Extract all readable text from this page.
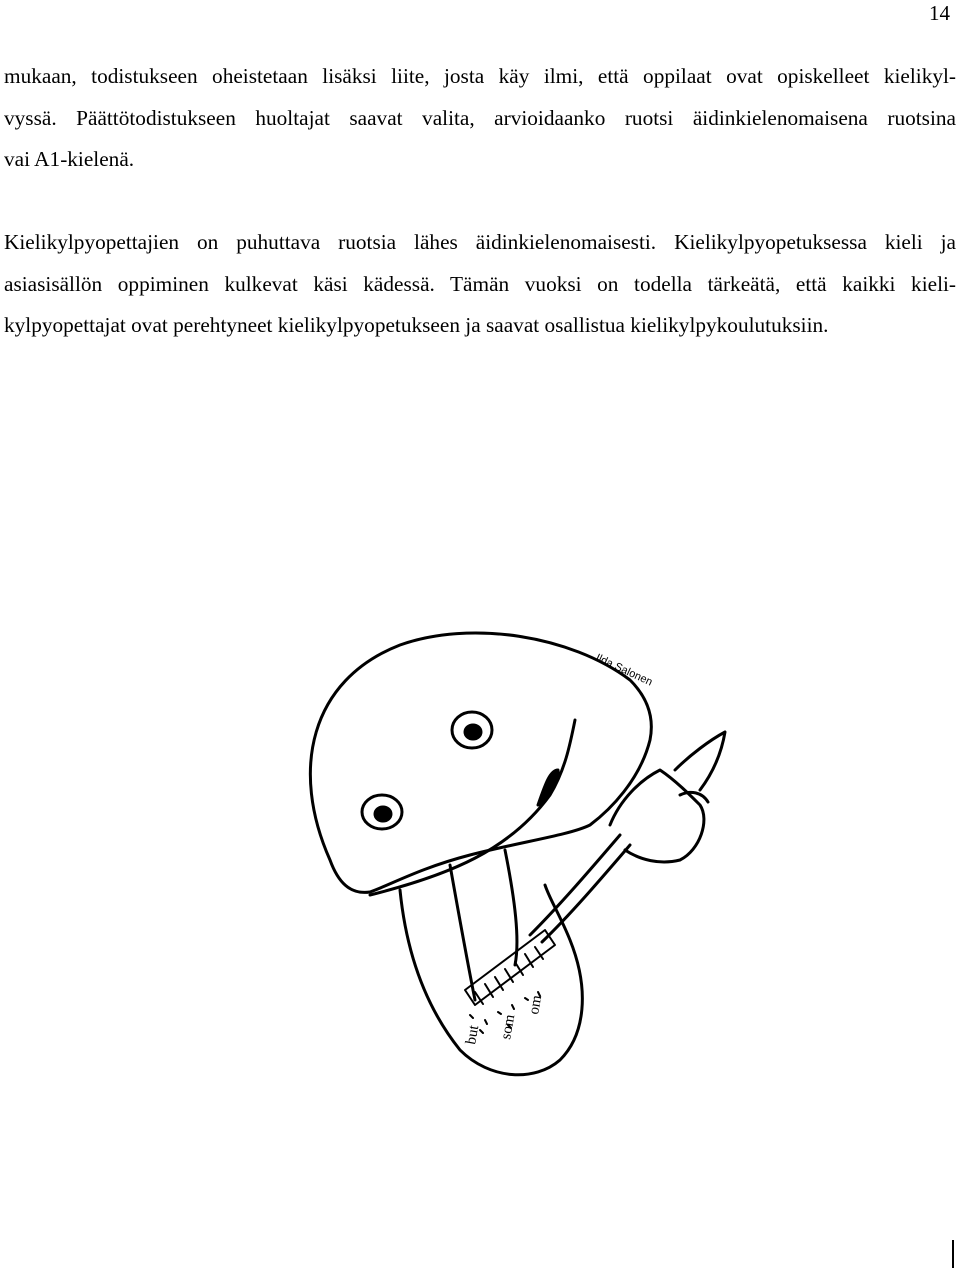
14

mukaan, todistukseen oheistetaan lisäksi liite, josta käy ilmi, että oppilaat ovat opiskelleet kielikyl-
vyssä. Päättötodistukseen huoltajat saavat valita, arvioidaanko ruotsi äidinkielenomaisena ruotsina
vai A1-kielenä.

Kielikylpyopettajien on puhuttava ruotsia lähes äidinkielenomaisesti. Kielikylpyopetuksessa kieli ja
asiasisällön oppiminen kulkevat käsi kädessä. Tämän vuoksi on todella tärkeätä, että kaikki kieli-
kylpyopettajat ovat perehtyneet kielikylpyopetukseen ja saavat osallistua kielikylpykoulutuksiin.

but som
om
Ilda Salonen
